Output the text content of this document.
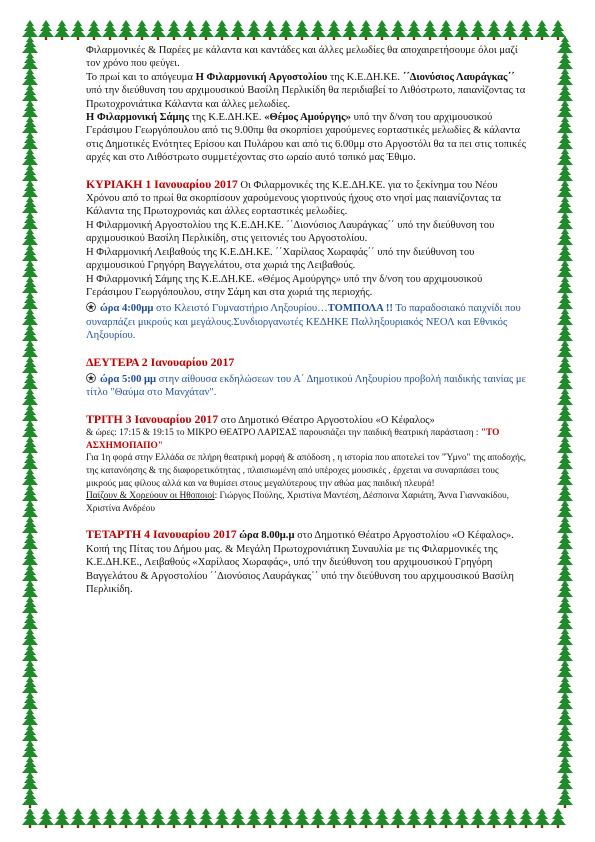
Φιλαρμονικές & Παρέες με κάλαντα και καντάδες και άλλες μελωδίες θα αποχαιρετήσουμε όλοι μαζί τον χρόνο που φεύγει.

Το πρωί και το απόγευμα Η Φιλαρμονική Αργοστολίου της Κ.Ε.ΔΗ.ΚΕ. ΄΄Διονύσιος Λαυράγκας΄΄ υπό την διεύθυνση του αρχιμουσικού Βασίλη Περλικίδη θα περιδιαβεί το Λιθόστρωτο, παιανίζοντας τα Πρωτοχρονιάτικα Κάλαντα και άλλες μελωδίες.

Η Φιλαρμονική Σάμης της Κ.Ε.ΔΗ.ΚΕ. «Θέμος Αμούργης» υπό την δ/νση του αρχιμουσικού Γεράσιμου Γεωργόπουλου από τις 9.00πμ θα σκορπίσει χαρούμενες εορταστικές μελωδίες & κάλαντα στις Δημοτικές Ενότητες Ερίσου και Πυλάρου και από τις 6.00μμ στο Αργοστόλι θα τα πει στις τοπικές αρχές και στο Λιθόστρωτο συμμετέχοντας στο ωραίο αυτό τοπικό μας Έθιμο.

ΚΥΡΙΑΚΗ 1 Ιανουαρίου 2017 Οι Φιλαρμονικές της Κ.Ε.ΔΗ.ΚΕ. για το ξεκίνημα του Νέου Χρόνου από το πρωί θα σκορπίσουν χαρούμενους γιορτινούς ήχους στο νησί μας παιανίζοντας τα Κάλαντα της Πρωτοχρονιάς και άλλες εορταστικές μελωδίες.

Η Φιλαρμονική Αργοστολίου της Κ.Ε.ΔΗ.ΚΕ. ΄΄Διονύσιος Λαυράγκας΄΄ υπό την διεύθυνση του αρχιμουσικού Βασίλη Περλικίδη, στις γειτονιές του Αργοστολίου.

Η Φιλαρμονική Λειβαθούς της Κ.Ε.ΔΗ.ΚΕ. ΄΄Χαρίλαος Χωραφάς΄΄ υπό την διεύθυνση του αρχιμουσικού Γρηγόρη Βαγγελάτου, στα χωριά της Λειβαθούς.

Η Φιλαρμονική Σάμης της Κ.Ε.ΔΗ.ΚΕ. «Θέμος Αμούργης» υπό την δ/νση του αρχιμουσικού Γεράσιμου Γεωργόπουλου, στην Σάμη και στα χωριά της περιοχής.

ώρα 4:00μμ στο Κλειστό Γυμναστήριο Ληξουρίου…ΤΟΜΠΟΛΑ !! Το παραδοσιακό παιχνίδι που συναρπάζει μικρούς και μεγάλους.Συνδιοργανωτές ΚΕΔΗΚΕ Παλληξουριακός ΝΕΟΛ και Εθνικός Ληξουρίου.

ΔΕΥΤΕΡΑ 2 Ιανουαρίου 2017

ώρα 5:00 μμ στην αίθουσα εκδηλώσεων του Α΄ Δημοτικού Ληξουρίου προβολή παιδικής ταινίας με τίτλο "Θαύμα στο Μανχάταν".

ΤΡΙΤΗ 3 Ιανουαρίου 2017 στο Δημοτικό Θέατρο Αργοστολίου «Ο Κέφαλος»

& ώρες: 17:15 & 19:15 το ΜΙΚΡΟ ΘΕΑΤΡΟ ΛΑΡΙΣΑΣ παρουσιάζει την παιδική θεατρική παράσταση : "ΤΟ ΑΣΧΗΜΟΠΑΠΟ"

Για 1η φορά στην Ελλάδα σε πλήρη θεατρική μορφή & απόδοση , η ιστορία που αποτελεί τον "Ύμνο" της αποδοχής, της κατανόησης & της διαφορετικότητας , πλαισιωμένη από υπέροχες μουσικές , έρχεται να συναρπάσει τους μικρούς μας φίλους αλλά και να θυμίσει στους μεγαλύτερους την αθώα μας παιδική πλευρά!

Παίζουν & Χορεύουν οι Ηθοποιοί: Γιώργος Πούλης, Χριστίνα Μαντέση, Δέσποινα Χαριάτη, Άννα Γιαννακίδου, Χριστίνα Ανδρέου

ΤΕΤΑΡΤΗ 4 Ιανουαρίου 2017 ώρα 8.00μ.μ στο Δημοτικό Θέατρο Αργοστολίου «Ο Κέφαλος». Κοπή της Πίτας του Δήμου μας. & Μεγάλη Πρωτοχρονιάτικη Συναυλία με τις Φιλαρμονικές της Κ.Ε.ΔΗ.ΚΕ., Λειβαθούς «Χαρίλαος Χωραφάς», υπό την διεύθυνση του αρχιμουσικού Γρηγόρη Βαγγελάτου & Αργοστολίου ΄΄Διονύσιος Λαυράγκας΄΄ υπό την διεύθυνση του αρχιμουσικού Βασίλη Περλικίδη.
